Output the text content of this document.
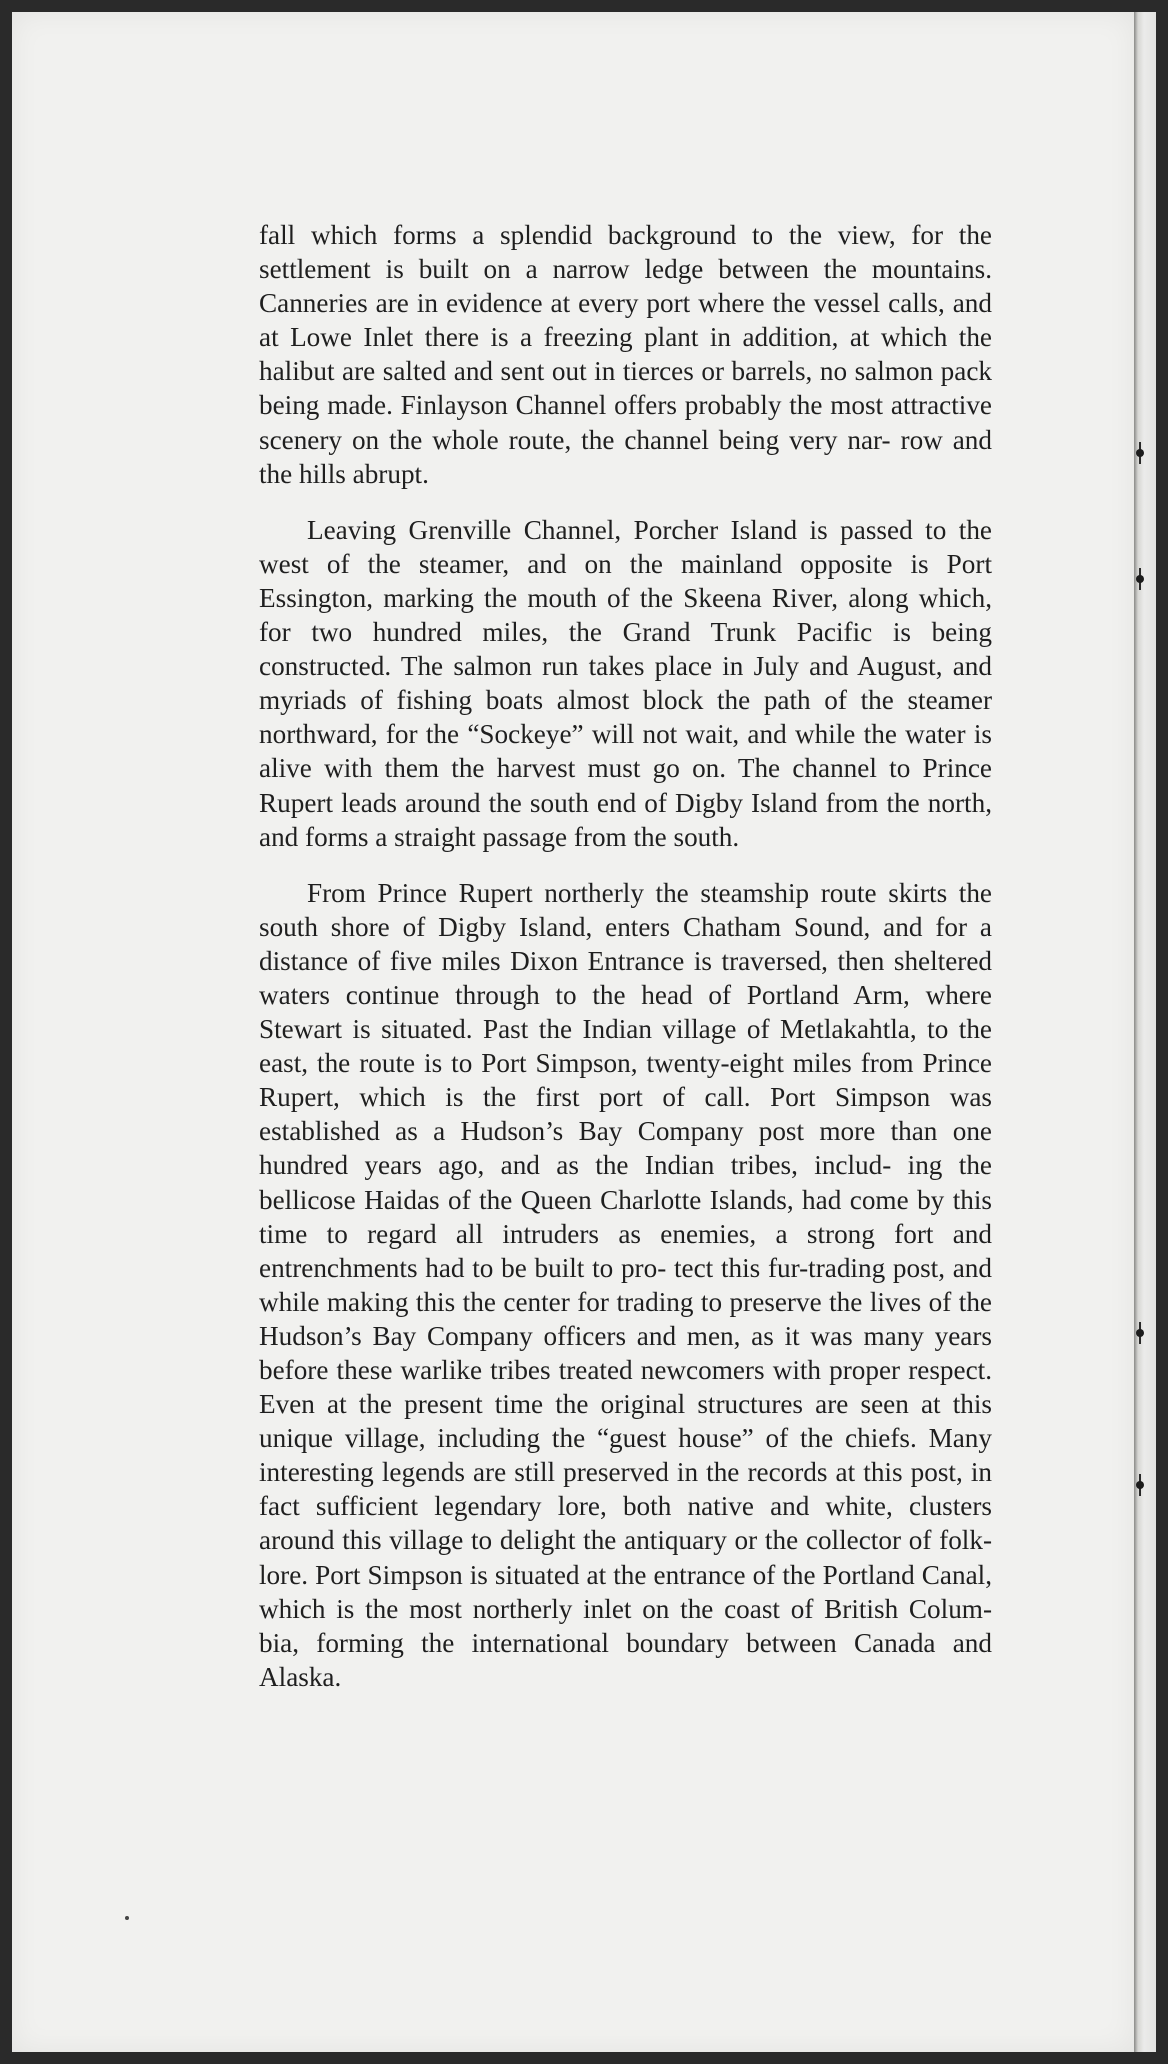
fall which forms a splendid background to the view, for the settlement is built on a narrow ledge between the mountains. Canneries are in evidence at every port where the vessel calls, and at Lowe Inlet there is a freezing plant in addition, at which the halibut are salted and sent out in tierces or barrels, no salmon pack being made. Finlayson Channel offers probably the most attractive scenery on the whole route, the channel being very nar- row and the hills abrupt.

Leaving Grenville Channel, Porcher Island is passed to the west of the steamer, and on the mainland opposite is Port Essington, marking the mouth of the Skeena River, along which, for two hundred miles, the Grand Trunk Pacific is being constructed. The salmon run takes place in July and August, and myriads of fishing boats almost block the path of the steamer northward, for the “Sockeye” will not wait, and while the water is alive with them the harvest must go on. The channel to Prince Rupert leads around the south end of Digby Island from the north, and forms a straight passage from the south.

From Prince Rupert northerly the steamship route skirts the south shore of Digby Island, enters Chatham Sound, and for a distance of five miles Dixon Entrance is traversed, then sheltered waters continue through to the head of Portland Arm, where Stewart is situated. Past the Indian village of Metlakahtla, to the east, the route is to Port Simpson, twenty-eight miles from Prince Rupert, which is the first port of call. Port Simpson was established as a Hudson’s Bay Company post more than one hundred years ago, and as the Indian tribes, includ- ing the bellicose Haidas of the Queen Charlotte Islands, had come by this time to regard all intruders as enemies, a strong fort and entrenchments had to be built to pro- tect this fur-trading post, and while making this the center for trading to preserve the lives of the Hudson’s Bay Company officers and men, as it was many years before these warlike tribes treated newcomers with proper respect. Even at the present time the original structures are seen at this unique village, including the “guest house” of the chiefs. Many interesting legends are still preserved in the records at this post, in fact sufficient legendary lore, both native and white, clusters around this village to delight the antiquary or the collector of folk-lore. Port Simpson is situated at the entrance of the Portland Canal, which is the most northerly inlet on the coast of British Colum- bia, forming the international boundary between Canada and Alaska.
